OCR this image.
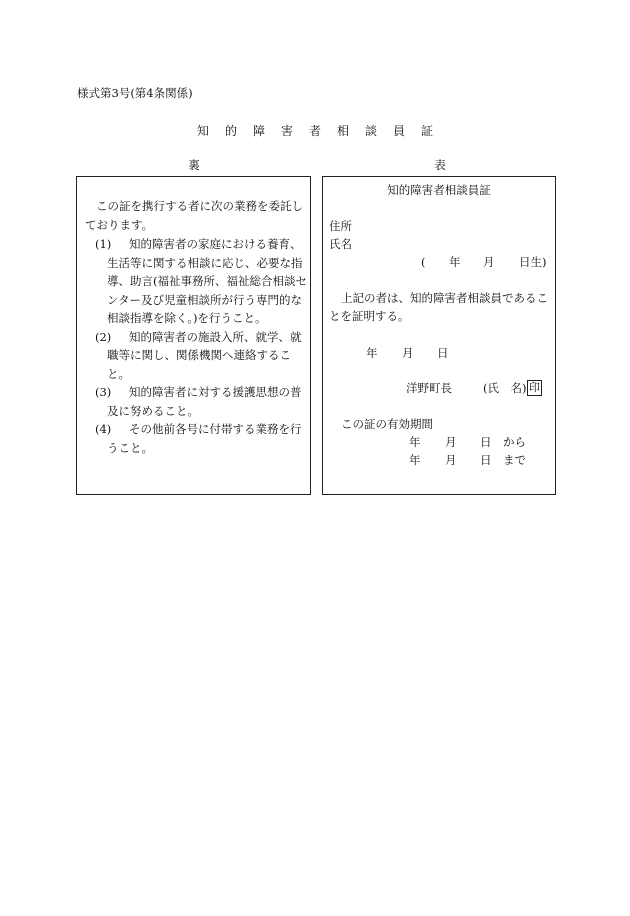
様式第3号(第4条関係)
知的障害者相談員証
裏	表
この証を携行する者に次の業務を委託しております。
(1)	知的障害者の家庭における養育、生活等に関する相談に応じ、必要な指導、助言(福祉事務所、福祉総合相談センター及び児童相談所が行う専門的な相談指導を除く。)を行うこと。
(2)	知的障害者の施設入所、就学、就職等に関し、関係機関へ連絡すること。
(3)	知的障害者に対する援護思想の普及に努めること。
(4)	その他前各号に付帯する業務を行うこと。
知的障害者相談員証
住所
氏名
( 年 月 日生)
上記の者は、知的障害者相談員であるこ
とを証明する。
年 月 日
洋野町長	(氏　名) 印
この証の有効期間
年 月 日 から
年 月 日 まで
